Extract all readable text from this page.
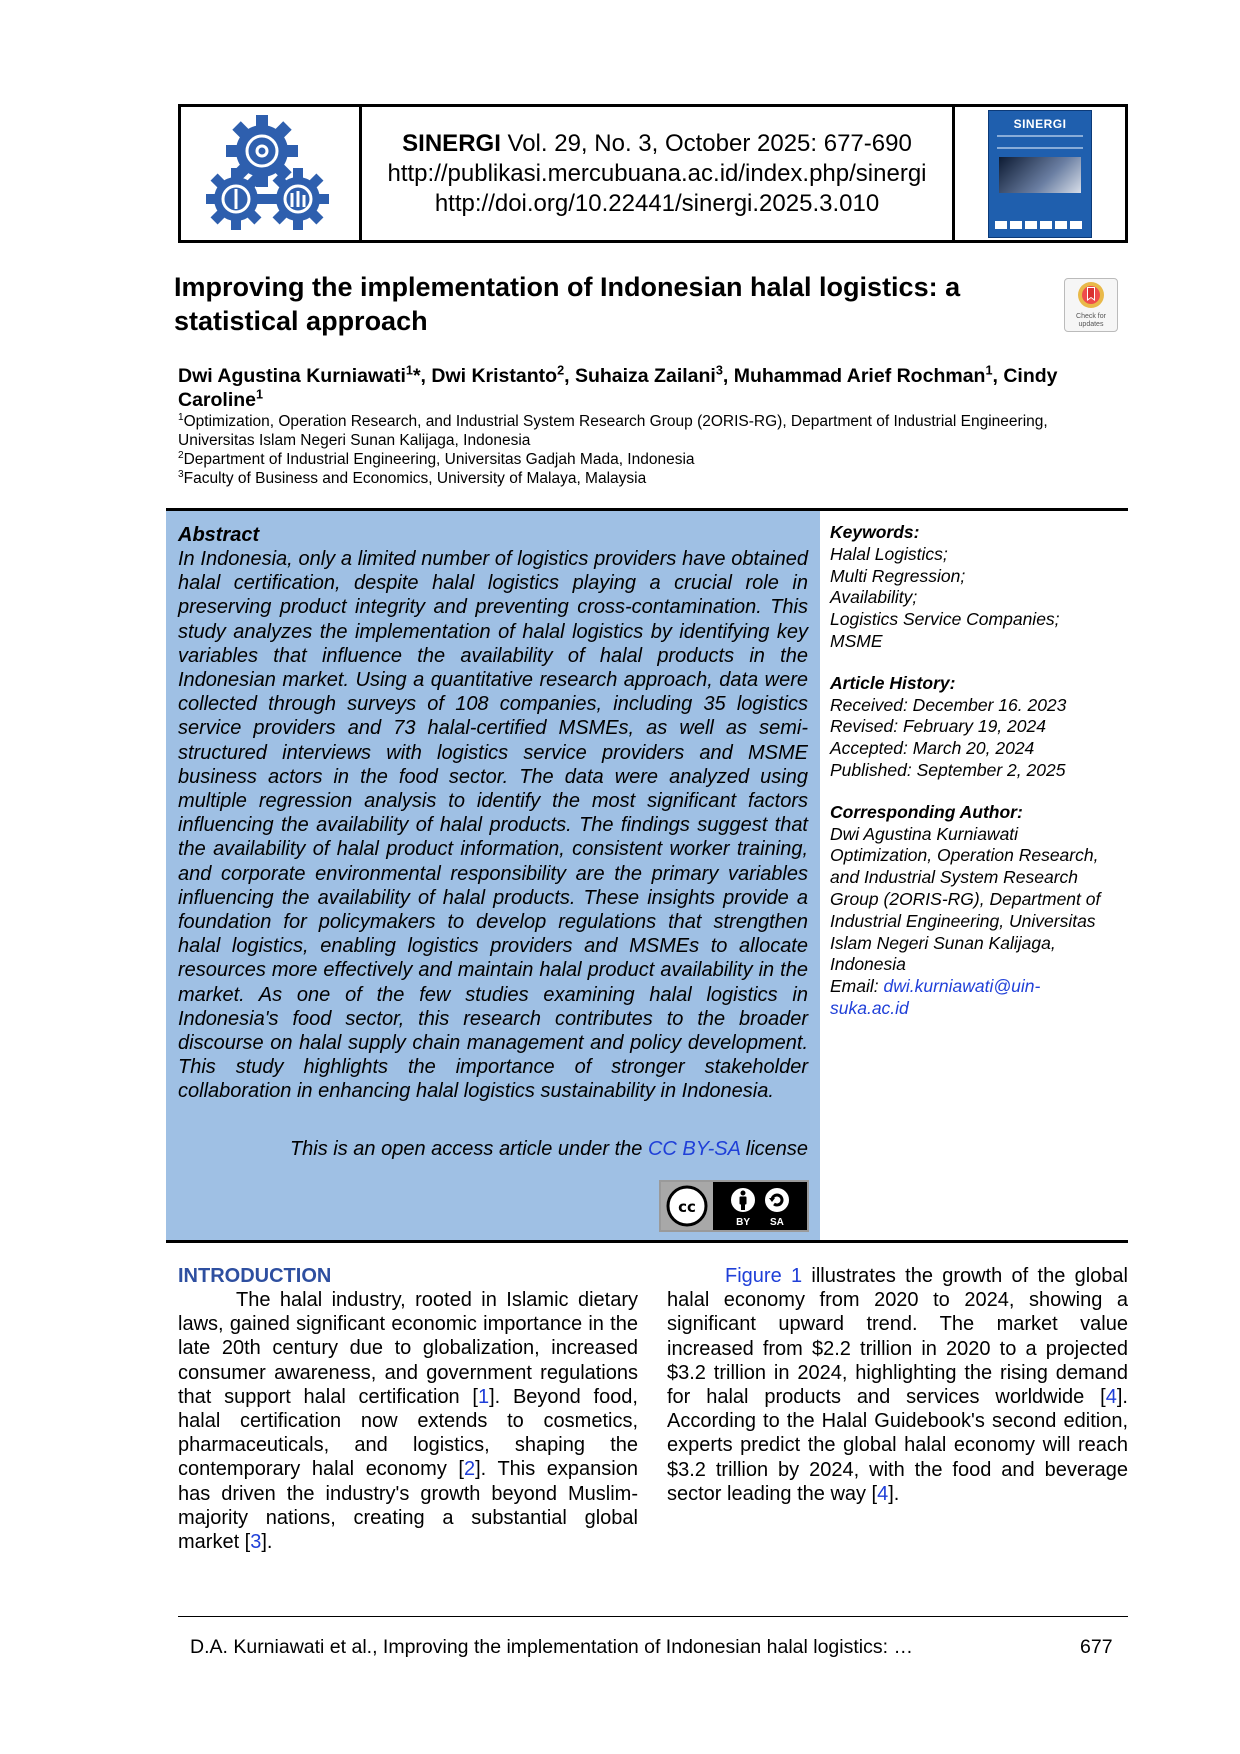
SINERGI Vol. 29, No. 3, October 2025: 677-690
http://publikasi.mercubuana.ac.id/index.php/sinergi
http://doi.org/10.22441/sinergi.2025.3.010
SINERGI
Improving the implementation of Indonesian halal logistics: a statistical approach	Check for updates
Dwi Agustina Kurniawati$^1$*, Dwi Kristanto$^2$, Suhaiza Zailani$^3$, Muhammad Arief Rochman$^1$, Cindy Caroline$^1$
$^1$Optimization, Operation Research, and Industrial System Research Group (2ORIS-RG), Department of Industrial Engineering, Universitas Islam Negeri Sunan Kalijaga, Indonesia
$^2$Department of Industrial Engineering, Universitas Gadjah Mada, Indonesia
$^3$Faculty of Business and Economics, University of Malaya, Malaysia
Abstract

In Indonesia, only a limited number of logistics providers have obtained halal certification, despite halal logistics playing a crucial role in preserving product integrity and preventing cross-contamination. This study analyzes the implementation of halal logistics by identifying key variables that influence the availability of halal products in the Indonesian market. Using a quantitative research approach, data were collected through surveys of 108 companies, including 35 logistics service providers and 73 halal-certified MSMEs, as well as semi-structured interviews with logistics service providers and MSME business actors in the food sector. The data were analyzed using multiple regression analysis to identify the most significant factors influencing the availability of halal products. The findings suggest that the availability of halal product information, consistent worker training, and corporate environmental responsibility are the primary variables influencing the availability of halal products. These insights provide a foundation for policymakers to develop regulations that strengthen halal logistics, enabling logistics providers and MSMEs to allocate resources more effectively and maintain halal product availability in the market. As one of the few studies examining halal logistics in Indonesia's food sector, this research contributes to the broader discourse on halal supply chain management and policy development. This study highlights the importance of stronger stakeholder collaboration in enhancing halal logistics sustainability in Indonesia.

This is an open access article under the CC BY-SA license
cc
BY SA
Keywords:
Halal Logistics;
Multi Regression;
Availability;
Logistics Service Companies;
MSME
Article History:
Received: December 16. 2023
Revised: February 19, 2024
Accepted: March 20, 2024
Published: September 2, 2025
Corresponding Author:
Dwi Agustina Kurniawati
Optimization, Operation Research, and Industrial System Research Group (2ORIS-RG), Department of Industrial Engineering, Universitas Islam Negeri Sunan Kalijaga, Indonesia
Email: dwi.kurniawati@uin-
suka.ac.id
INTRODUCTION

The halal industry, rooted in Islamic dietary laws, gained significant economic importance in the late 20th century due to globalization, increased consumer awareness, and government regulations that support halal certification [1]. Beyond food, halal certification now extends to cosmetics, pharmaceuticals, and logistics, shaping the contemporary halal economy [2]. This expansion has driven the industry's growth beyond Muslim-majority nations, creating a substantial global market [3].

Figure 1 illustrates the growth of the global halal economy from 2020 to 2024, showing a significant upward trend. The market value increased from $2.2 trillion in 2020 to a projected $3.2 trillion in 2024, highlighting the rising demand for halal products and services worldwide [4]. According to the Halal Guidebook's second edition, experts predict the global halal economy will reach $3.2 trillion by 2024, with the food and beverage sector leading the way [4].

D.A. Kurniawati et al., Improving the implementation of Indonesian halal logistics: …	677
